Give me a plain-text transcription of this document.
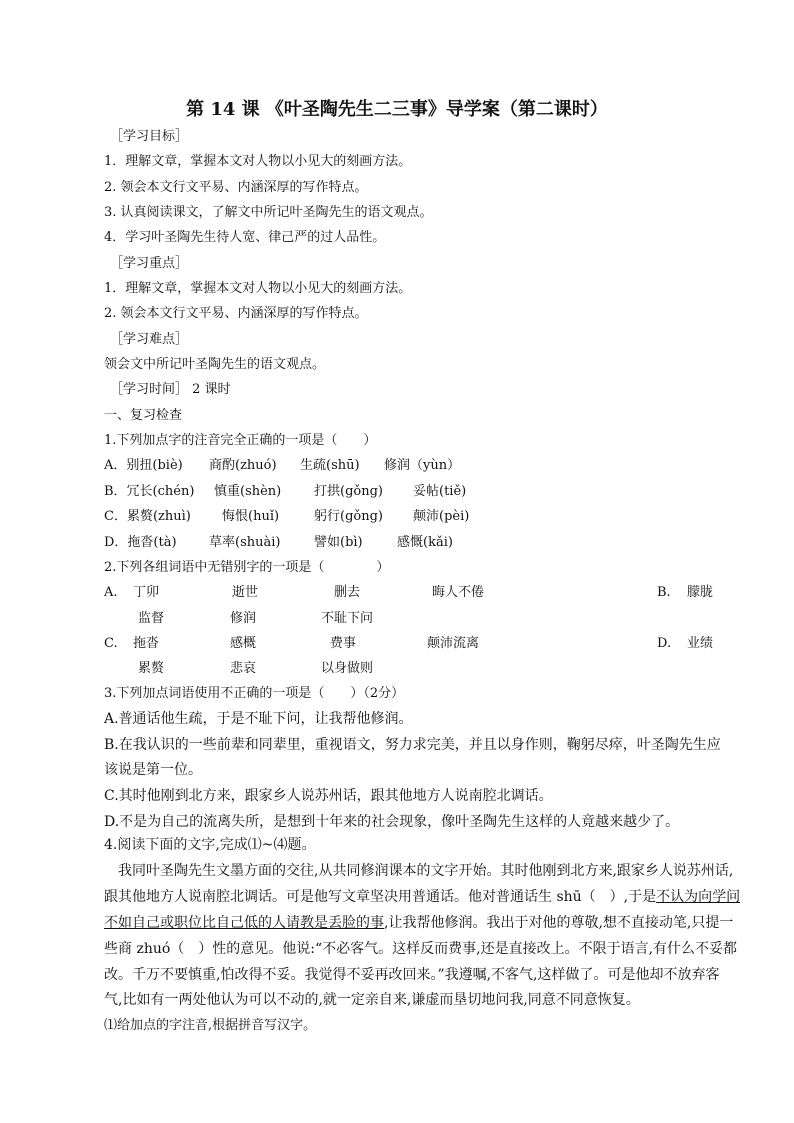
第 14 课 《叶圣陶先生二三事》导学案（第二课时）
［学习目标］
1．理解文章，掌握本文对人物以小见大的刻画方法。
2. 领会本文行文平易、内涵深厚的写作特点。
3. 认真阅读课文，了解文中所记叶圣陶先生的语文观点。
4．学习叶圣陶先生待人宽、律己严的过人品性。
［学习重点］
1．理解文章，掌握本文对人物以小见大的刻画方法。
2. 领会本文行文平易、内涵深厚的写作特点。
［学习难点］
领会文中所记叶圣陶先生的语文观点。
［学习时间］ 2 课时
一、复习检查
1.下列加点字的注音完全正确的一项是（　　）
A．别扭(biè) 商酌(zhuó) 生疏(shū) 修润（yùn）
B．冗长(chén) 慎重(shèn)	打拱(gǒng) 妥帖(tiě)
C．累赘(zhuì) 悔恨(huǐ)	躬行(gǒng) 颠沛(pèi)
D．拖沓(tà) 草率(shuài)	譬如(bì)	感慨(kǎi)
2.下列各组词语中无错别字的一项是（　　　　）
A. 丁卯	逝世	删去	晦人不倦	B. 朦胧
监督	修润	不耻下问
C. 拖沓	感概	费事	颠沛流离	D. 业绩
累赘	悲哀	以身做则
3.下列加点词语使用不正确的一项是（　　）（2分）
A.普通话他生疏，于是不耻下问，让我帮他修润。
B.在我认识的一些前辈和同辈里，重视语文，努力求完美，并且以身作则，鞠躬尽瘁，叶圣陶先生应
该说是第一位。
C.其时他刚到北方来，跟家乡人说苏州话，跟其他地方人说南腔北调话。
D.不是为自己的流离失所，是想到十年来的社会现象，像叶圣陶先生这样的人竟越来越少了。
4.阅读下面的文字,完成⑴~⑷题。
我同叶圣陶先生文墨方面的交往,从共同修润课本的文字开始。其时他刚到北方来,跟家乡人说苏州话,
跟其他地方人说南腔北调话。可是他写文章坚决用普通话。他对普通话生 shū（　）,于是不认为向学问
不如自己或职位比自己低的人请教是丢脸的事,让我帮他修润。我出于对他的尊敬,想不直接动笔,只提一
些商 zhuó（　）性的意见。他说:“不必客气。这样反而费事,还是直接改上。不限于语言,有什么不妥都
改。千万不要慎重,怕改得不妥。我觉得不妥再改回来。”我遵嘱,不客气,这样做了。可是他却不放弃客
气,比如有一两处他认为可以不动的,就一定亲自来,谦虚而垦切地问我,同意不同意恢复。
⑴给加点的字注音,根据拼音写汉字。
